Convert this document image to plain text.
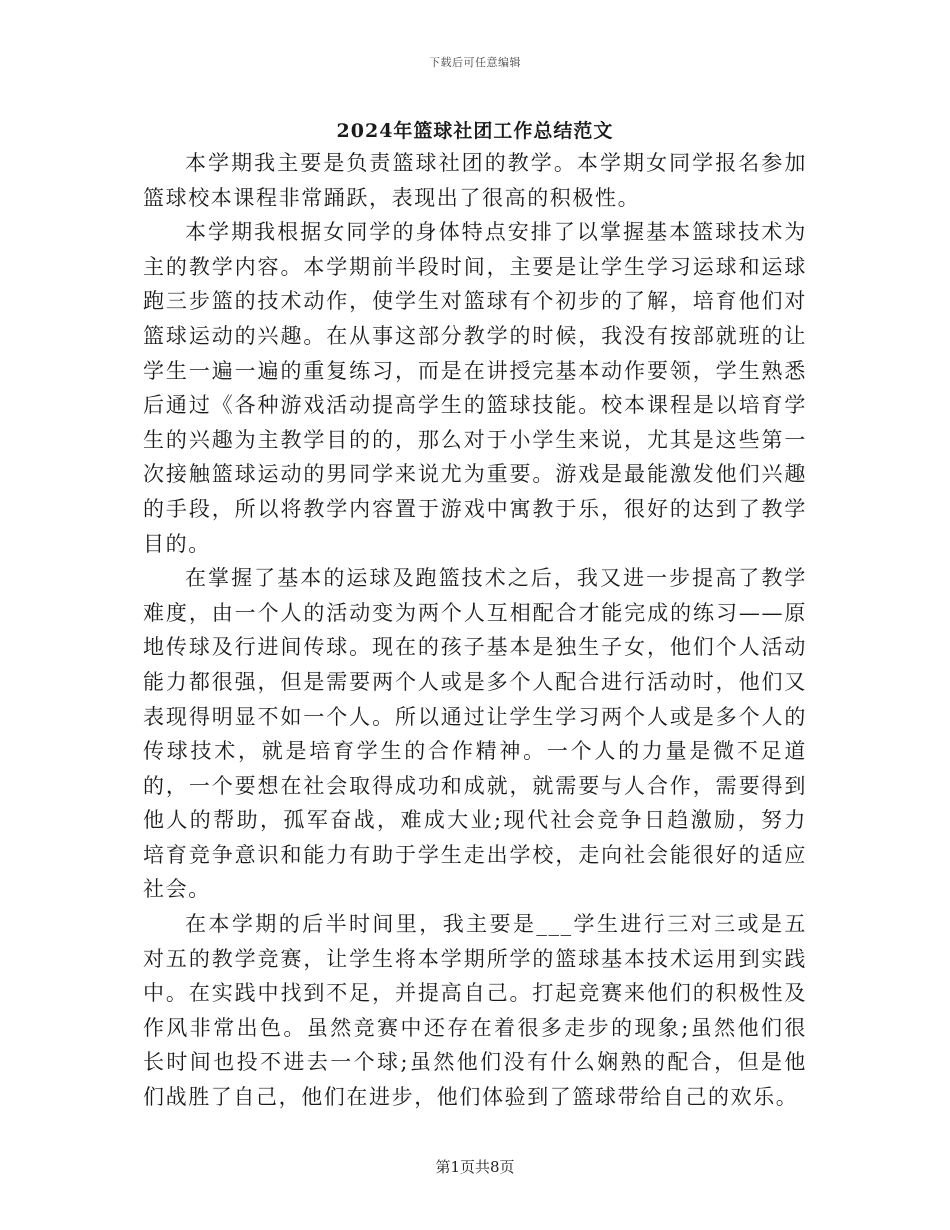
下载后可任意编辑
2024年篮球社团工作总结范文

本学期我主要是负责篮球社团的教学。本学期女同学报名参加篮球校本课程非常踊跃，表现出了很高的积极性。

本学期我根据女同学的身体特点安排了以掌握基本篮球技术为主的教学内容。本学期前半段时间，主要是让学生学习运球和运球跑三步篮的技术动作，使学生对篮球有个初步的了解，培育他们对篮球运动的兴趣。在从事这部分教学的时候，我没有按部就班的让学生一遍一遍的重复练习，而是在讲授完基本动作要领，学生熟悉后通过《各种游戏活动提高学生的篮球技能。校本课程是以培育学生的兴趣为主教学目的的，那么对于小学生来说，尤其是这些第一次接触篮球运动的男同学来说尤为重要。游戏是最能激发他们兴趣的手段，所以将教学内容置于游戏中寓教于乐，很好的达到了教学目的。

在掌握了基本的运球及跑篮技术之后，我又进一步提高了教学难度，由一个人的活动变为两个人互相配合才能完成的练习——原地传球及行进间传球。现在的孩子基本是独生子女，他们个人活动能力都很强，但是需要两个人或是多个人配合进行活动时，他们又表现得明显不如一个人。所以通过让学生学习两个人或是多个人的传球技术，就是培育学生的合作精神。一个人的力量是微不足道的，一个要想在社会取得成功和成就，就需要与人合作，需要得到他人的帮助，孤军奋战，难成大业;现代社会竞争日趋激励，努力培育竞争意识和能力有助于学生走出学校，走向社会能很好的适应社会。

在本学期的后半时间里，我主要是___学生进行三对三或是五对五的教学竞赛，让学生将本学期所学的篮球基本技术运用到实践中。在实践中找到不足，并提高自己。打起竞赛来他们的积极性及作风非常出色。虽然竞赛中还存在着很多走步的现象;虽然他们很长时间也投不进去一个球;虽然他们没有什么娴熟的配合，但是他们战胜了自己，他们在进步，他们体验到了篮球带给自己的欢乐。

第1页共8页
